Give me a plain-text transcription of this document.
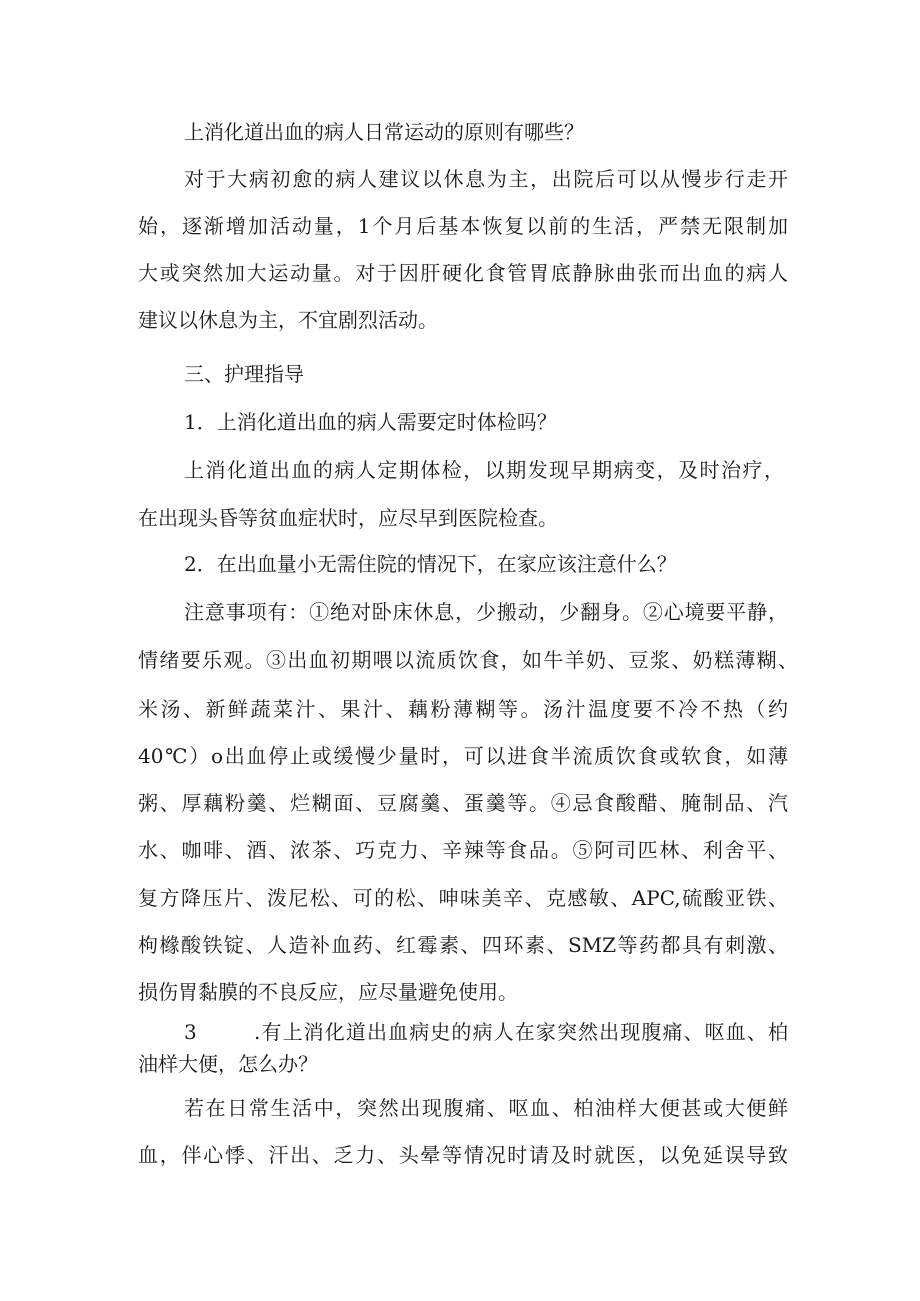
上消化道出血的病人日常运动的原则有哪些？

对于大病初愈的病人建议以休息为主，出院后可以从慢步行走开

始，逐渐增加活动量，1个月后基本恢复以前的生活，严禁无限制加

大或突然加大运动量。对于因肝硬化食管胃底静脉曲张而出血的病人

建议以休息为主，不宜剧烈活动。

三、护理指导

1．上消化道出血的病人需要定时体检吗？

上消化道出血的病人定期体检，以期发现早期病变，及时治疗，

在出现头昏等贫血症状时，应尽早到医院检查。

2．在出血量小无需住院的情况下，在家应该注意什么？

注意事项有：①绝对卧床休息，少搬动，少翻身。②心境要平静，

情绪要乐观。③出血初期喂以流质饮食，如牛羊奶、豆浆、奶糕薄糊、

米汤、新鲜蔬菜汁、果汁、藕粉薄糊等。汤汁温度要不冷不热（约

40℃）o出血停止或缓慢少量时，可以进食半流质饮食或软食，如薄

粥、厚藕粉羹、烂糊面、豆腐羹、蛋羹等。④忌食酸醋、腌制品、汽

水、咖啡、酒、浓茶、巧克力、辛辣等食品。⑤阿司匹林、利舍平、

复方降压片、泼尼松、可的松、呻味美辛、克感敏、APC,硫酸亚铁、

枸橼酸铁锭、人造补血药、红霉素、四环素、SMZ等药都具有刺激、

损伤胃黏膜的不良反应，应尽量避免使用。

3	.有上消化道出血病史的病人在家突然出现腹痛、呕血、柏

油样大便，怎么办？

若在日常生活中，突然出现腹痛、呕血、柏油样大便甚或大便鲜

血，伴心悸、汗出、乏力、头晕等情况时请及时就医，以免延误导致
